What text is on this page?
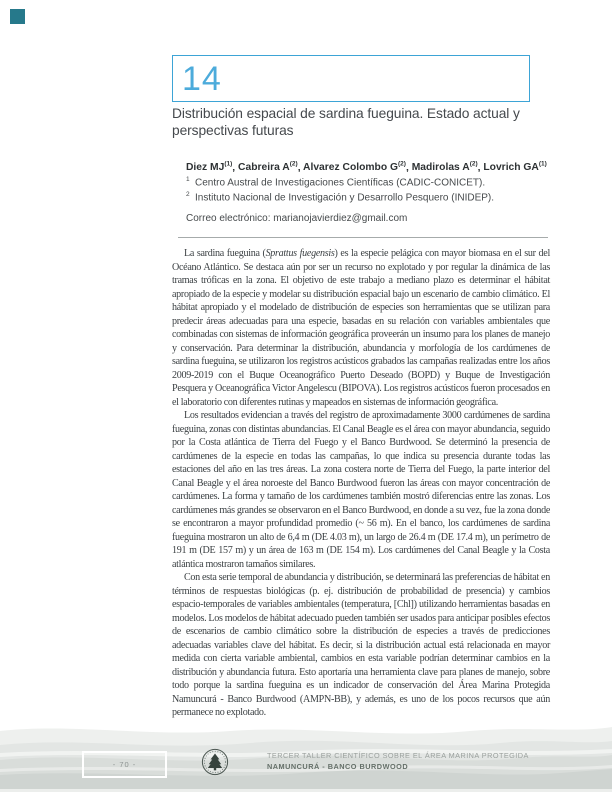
14
Distribución espacial de sardina fueguina. Estado actual y perspectivas futuras
Diez MJ$^{(1)}$, Cabreira $A^{(2)}$, Alvarez Colombo $G^{(2)}$, Madirolas $A^{(2)}$, Lovrich GA$^{(1)}$
$^1$ Centro Austral de Investigaciones Científicas (CADIC-CONICET).
$^2$ Instituto Nacional de Investigación y Desarrollo Pesquero (INIDEP).
Correo electrónico: marianojavierdiez@gmail.com

La sardina fueguina (Sprattus fuegensis) es la especie pelágica con mayor biomasa en el sur del Océano Atlántico. Se destaca aún por ser un recurso no explotado y por regular la dinámica de las tramas tróficas en la zona. El objetivo de este trabajo a mediano plazo es determinar el hábitat apropiado de la especie y modelar su distribución espacial bajo un escenario de cambio climático. El hábitat apropiado y el modelado de distribución de especies son herramientas que se utilizan para predecir áreas adecuadas para una especie, basadas en su relación con variables ambientales que combinadas con sistemas de información geográfica proveerán un insumo para los planes de manejo y conservación. Para determinar la distribución, abundancia y morfología de los cardúmenes de sardina fueguina, se utilizaron los registros acústicos grabados las campañas realizadas entre los años 2009-2019 con el Buque Oceanográfico Puerto Deseado (BOPD) y Buque de Investigación Pesquera y Oceanográfica Victor Angelescu (BIPOVA). Los registros acústicos fueron procesados en el laboratorio con diferentes rutinas y mapeados en sistemas de información geográfica.

Los resultados evidencian a través del registro de aproximadamente 3000 cardúmenes de sardina fueguina, zonas con distintas abundancias. El Canal Beagle es el área con mayor abundancia, seguido por la Costa atlántica de Tierra del Fuego y el Banco Burdwood. Se determinó la presencia de cardúmenes de la especie en todas las campañas, lo que indica su presencia durante todas las estaciones del año en las tres áreas. La zona costera norte de Tierra del Fuego, la parte interior del Canal Beagle y el área noroeste del Banco Burdwood fueron las áreas con mayor concentración de cardúmenes. La forma y tamaño de los cardúmenes también mostró diferencias entre las zonas. Los cardúmenes más grandes se observaron en el Banco Burdwood, en donde a su vez, fue la zona donde se encontraron a mayor profundidad promedio (~ 56 m). En el banco, los cardúmenes de sardina fueguina mostraron un alto de 6,4 m (DE 4.03 m), un largo de 26.4 m (DE 17.4 m), un perímetro de 191 m (DE 157 m) y un área de 163 m (DE 154 m). Los cardúmenes del Canal Beagle y la Costa atlántica mostraron tamaños similares.

Con esta serie temporal de abundancia y distribución, se determinará las preferencias de hábitat en términos de respuestas biológicas (p. ej. distribución de probabilidad de presencia) y cambios espacio-temporales de variables ambientales (temperatura, [Chl]) utilizando herramientas basadas en modelos. Los modelos de hábitat adecuado pueden también ser usados para anticipar posibles efectos de escenarios de cambio climático sobre la distribución de especies a través de predicciones adecuadas variables clave del hábitat. Es decir, si la distribución actual está relacionada en mayor medida con cierta variable ambiental, cambios en esta variable podrían determinar cambios en la distribución y abundancia futura. Esto aportaría una herramienta clave para planes de manejo, sobre todo porque la sardina fueguina es un indicador de conservación del Área Marina Protegida Namuncurá - Banco Burdwood (AMPN-BB), y además, es uno de los pocos recursos que aún permanece no explotado.

- 70 -
TERCER TALLER CIENTÍFICO SOBRE EL ÁREA MARINA PROTEGIDA
NAMUNCURÁ - BANCO BURDWOOD
